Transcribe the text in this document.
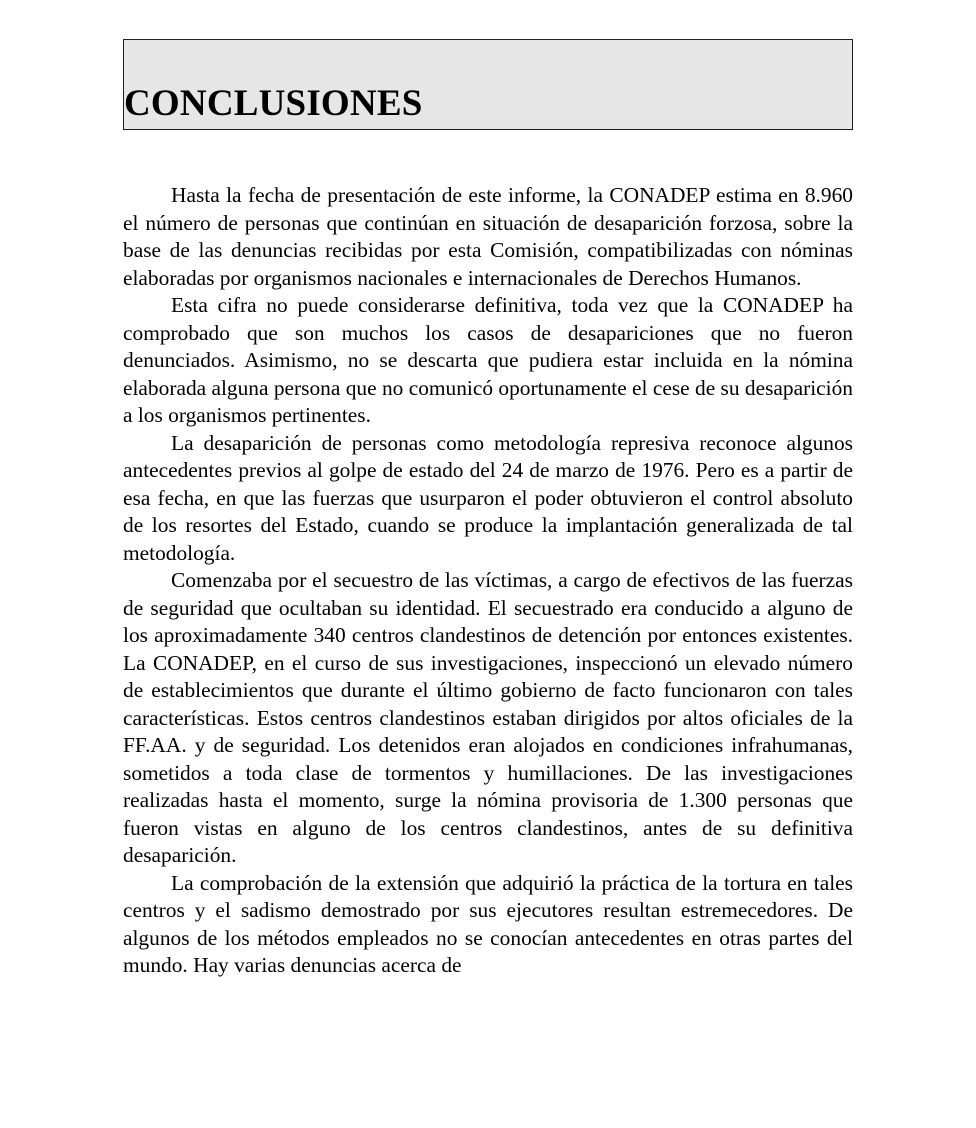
CONCLUSIONES

Hasta la fecha de presentación de este informe, la CONADEP estima en 8.960 el número de personas que continúan en situación de desaparición forzosa, sobre la base de las denuncias recibidas por esta Comisión, compatibilizadas con nóminas elaboradas por organismos nacionales e internacionales de Derechos Humanos.

Esta cifra no puede considerarse definitiva, toda vez que la CONADEP ha comprobado que son muchos los casos de desapariciones que no fueron denunciados. Asimismo, no se descarta que pudiera estar incluida en la nómina elaborada alguna persona que no comunicó oportunamente el cese de su desaparición a los organismos pertinentes.

La desaparición de personas como metodología represiva reconoce algunos antecedentes previos al golpe de estado del 24 de marzo de 1976. Pero es a partir de esa fecha, en que las fuerzas que usurparon el poder obtuvieron el control absoluto de los resortes del Estado, cuando se produce la implantación generalizada de tal metodología.

Comenzaba por el secuestro de las víctimas, a cargo de efectivos de las fuerzas de seguridad que ocultaban su identidad. El secuestrado era conducido a alguno de los aproximadamente 340 centros clandestinos de detención por entonces existentes. La CONADEP, en el curso de sus investigaciones, inspeccionó un elevado número de establecimientos que durante el último gobierno de facto funcionaron con tales características. Estos centros clandestinos estaban dirigidos por altos oficiales de la FF.AA. y de seguridad. Los detenidos eran alojados en condiciones infrahumanas, sometidos a toda clase de tormentos y humillaciones. De las investigaciones realizadas hasta el momento, surge la nómina provisoria de 1.300 personas que fueron vistas en alguno de los centros clandestinos, antes de su definitiva desaparición.

La comprobación de la extensión que adquirió la práctica de la tortura en tales centros y el sadismo demostrado por sus ejecutores resultan estremecedores. De algunos de los métodos empleados no se conocían antecedentes en otras partes del mundo. Hay varias denuncias acerca de
